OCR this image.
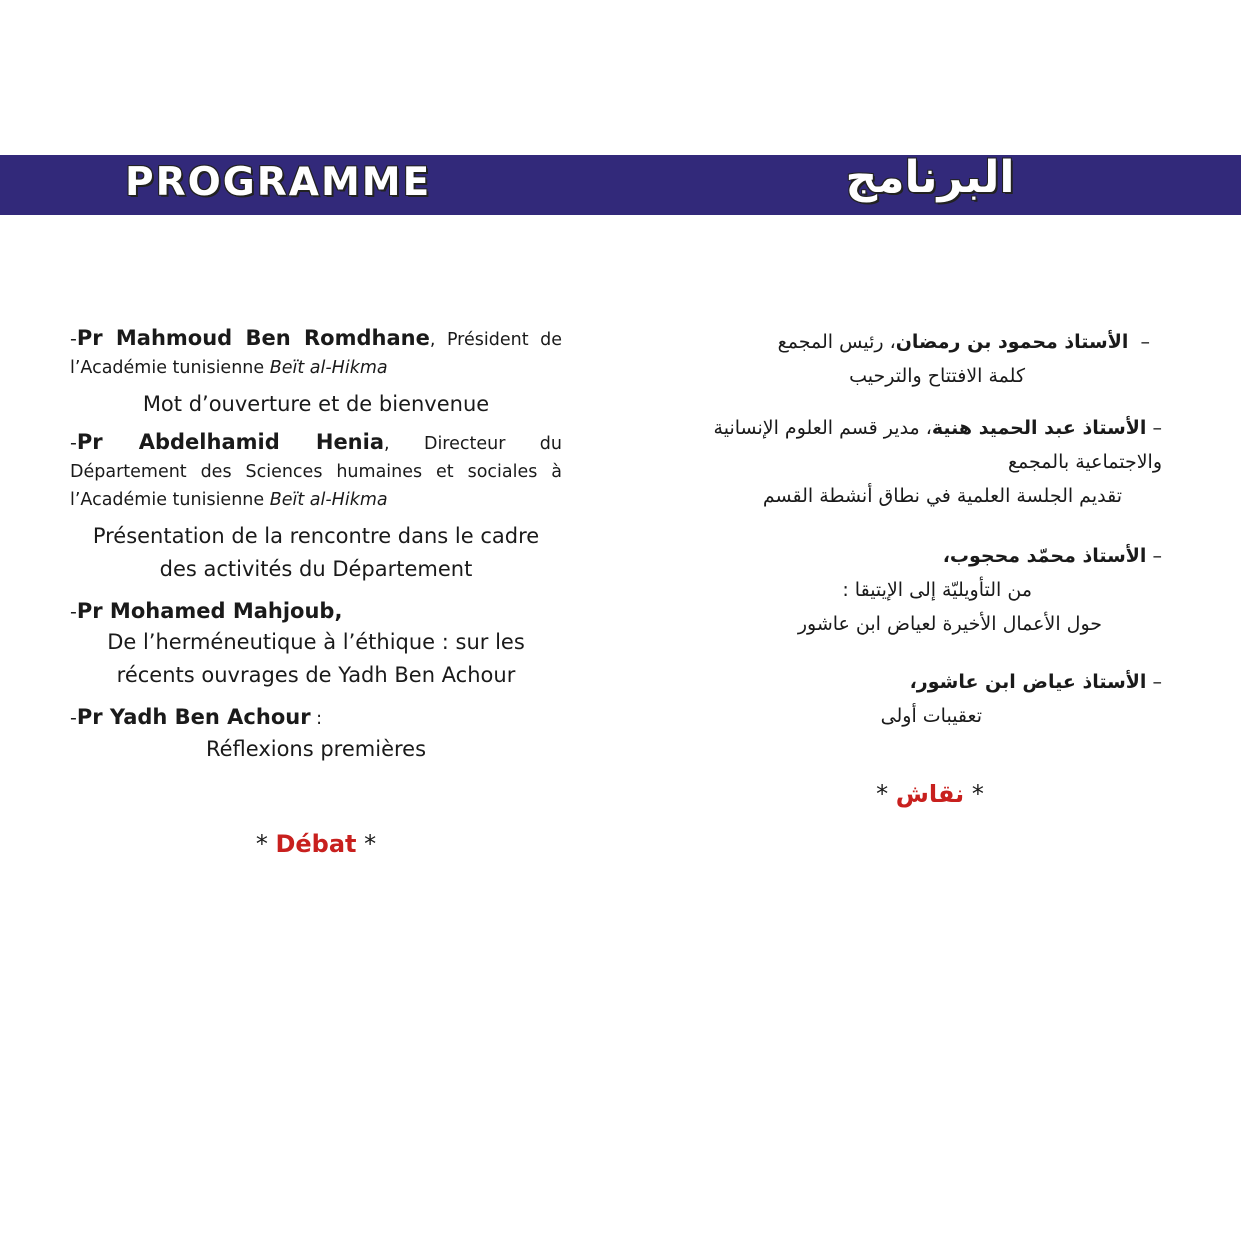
PROGRAMME	البرنامج
-Pr Mahmoud Ben Romdhane, Président de l’Académie tunisienne Beït al-Hikma
Mot d’ouverture et de bienvenue
-Pr Abdelhamid Henia, Directeur du Département des Sciences humaines et sociales à l’Académie tunisienne Beït al-Hikma
Présentation de la rencontre dans le cadre
des activités du Département
-Pr Mohamed Mahjoub,
De l’herméneutique à l’éthique : sur les
récents ouvrages de Yadh Ben Achour
-Pr Yadh Ben Achour :
Réflexions premières
* Débat *
–  الأستاذ محمود بن رمضان، رئيس المجمع
كلمة الافتتاح والترحيب
– الأستاذ عبد الحميد هنية، مدير قسم العلوم الإنسانية والاجتماعية بالمجمع
تقديم الجلسة العلمية في نطاق أنشطة القسم
– الأستاذ محمّد محجوب،
من التأويليّة إلى الإيتيقا :
حول الأعمال الأخيرة لعياض ابن عاشور
– الأستاذ عياض ابن عاشور،
تعقيبات أولى
* نقاش *
